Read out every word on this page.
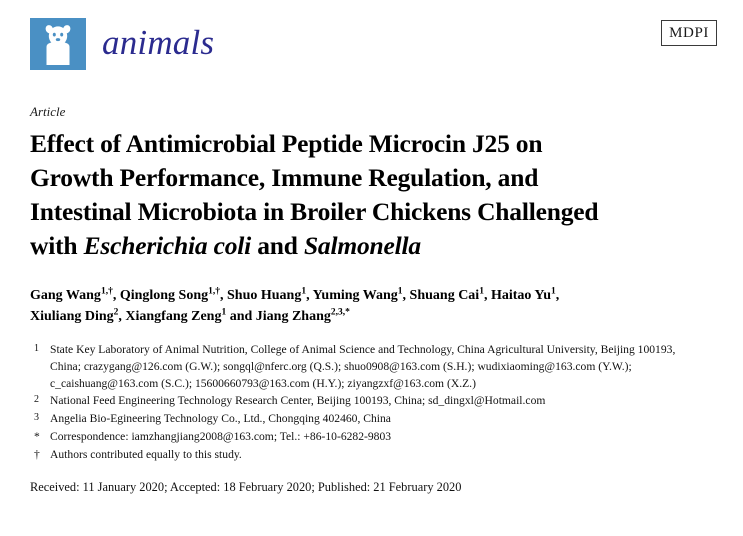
animals	MDPI
Article
Effect of Antimicrobial Peptide Microcin J25 on
Growth Performance, Immune Regulation, and
Intestinal Microbiota in Broiler Chickens Challenged
with Escherichia coli and Salmonella
Gang Wang$^{1,\dagger}$, Qinglong Song$^{1,\dagger}$, Shuo Huang$^1$, Yuming Wang$^1$, Shuang Cai$^1$, Haitao Yu$^1$,
Xiuliang Ding$^2$, Xiangfang Zeng$^1$ and Jiang Zhang$^{2,3,*}$
1 State Key Laboratory of Animal Nutrition, College of Animal Science and Technology, China Agricultural University, Beijing 100193, China; crazygang@126.com (G.W.); songql@nferc.org (Q.S.); shuo0908@163.com (S.H.); wudixiaoming@163.com (Y.W.); c_caishuang@163.com (S.C.); 15600660793@163.com (H.Y.); ziyangzxf@163.com (X.Z.)
2 National Feed Engineering Technology Research Center, Beijing 100193, China; sd_dingxl@Hotmail.com
3 Angelia Bio-Egineering Technology Co., Ltd., Chongqing 402460, China
* Correspondence: iamzhangjiang2008@163.com; Tel.: +86-10-6282-9803
† Authors contributed equally to this study.
Received: 11 January 2020; Accepted: 18 February 2020; Published: 21 February 2020
